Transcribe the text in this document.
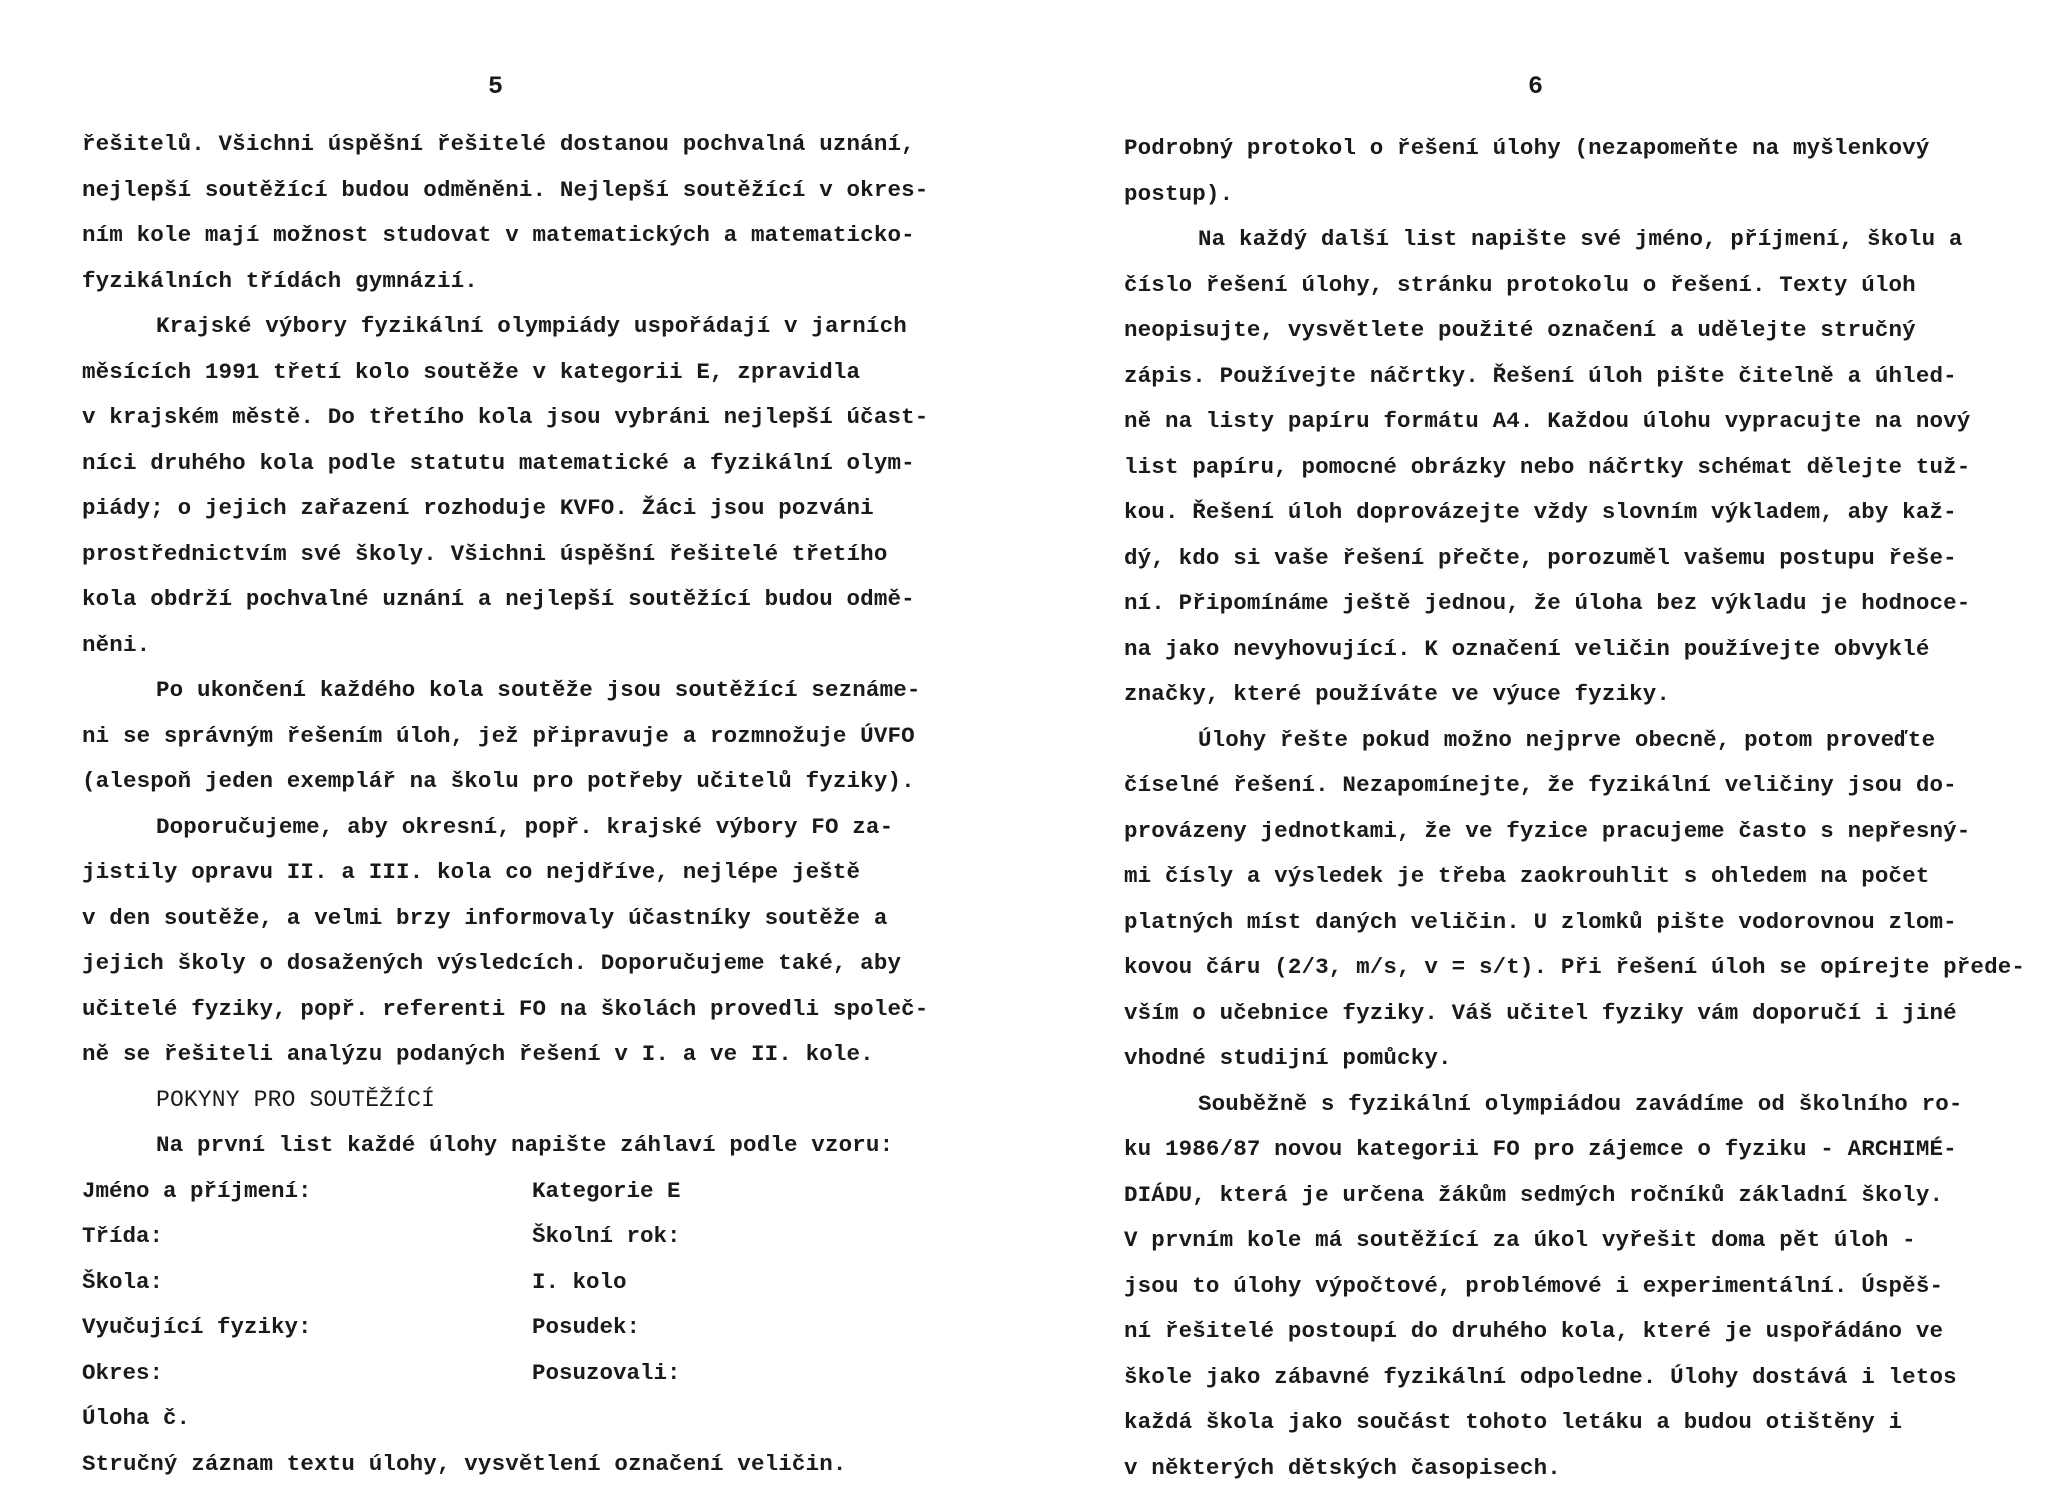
5
řešitelů. Všichni úspěšní řešitelé dostanou pochvalná uznání,
nejlepší soutěžící budou odměněni. Nejlepší soutěžící v okres-
ním kole mají možnost studovat v matematických a matematicko-
fyzikálních třídách gymnázií.
Krajské výbory fyzikální olympiády uspořádají v jarních
měsících 1991 třetí kolo soutěže v kategorii E, zpravidla
v krajském městě. Do třetího kola jsou vybráni nejlepší účast-
níci druhého kola podle statutu matematické a fyzikální olym-
piády; o jejich zařazení rozhoduje KVFO. Žáci jsou pozváni
prostřednictvím své školy. Všichni úspěšní řešitelé třetího
kola obdrží pochvalné uznání a nejlepší soutěžící budou odmě-
něni.
Po ukončení každého kola soutěže jsou soutěžící seznáme-
ni se správným řešením úloh, jež připravuje a rozmnožuje ÚVFO
(alespoň jeden exemplář na školu pro potřeby učitelů fyziky).
Doporučujeme, aby okresní, popř. krajské výbory FO za-
jistily opravu II. a III. kola co nejdříve, nejlépe ještě
v den soutěže, a velmi brzy informovaly účastníky soutěže a
jejich školy o dosažených výsledcích. Doporučujeme také, aby
učitelé fyziky, popř. referenti FO na školách provedli společ-
ně se řešiteli analýzu podaných řešení v I. a ve II. kole.
POKYNY PRO SOUTĚŽÍCÍ
Na první list každé úlohy napište záhlaví podle vzoru:
Jméno a příjmení:	Kategorie E
Třída:	Školní rok:
Škola:	I. kolo
Vyučující fyziky:	Posudek:
Okres:	Posuzovali:
Úloha č.
Stručný záznam textu úlohy, vysvětlení označení veličin.
6
Podrobný protokol o řešení úlohy (nezapomeňte na myšlenkový
postup).
Na každý další list napište své jméno, příjmení, školu a
číslo řešení úlohy, stránku protokolu o řešení. Texty úloh
neopisujte, vysvětlete použité označení a udělejte stručný
zápis. Používejte náčrtky. Řešení úloh pište čitelně a úhled-
ně na listy papíru formátu A4. Každou úlohu vypracujte na nový
list papíru, pomocné obrázky nebo náčrtky schémat dělejte tuž-
kou. Řešení úloh doprovázejte vždy slovním výkladem, aby kaž-
dý, kdo si vaše řešení přečte, porozuměl vašemu postupu řeše-
ní. Připomínáme ještě jednou, že úloha bez výkladu je hodnoce-
na jako nevyhovující. K označení veličin používejte obvyklé
značky, které používáte ve výuce fyziky.
Úlohy řešte pokud možno nejprve obecně, potom proveďte
číselné řešení. Nezapomínejte, že fyzikální veličiny jsou do-
provázeny jednotkami, že ve fyzice pracujeme často s nepřesný-
mi čísly a výsledek je třeba zaokrouhlit s ohledem na počet
platných míst daných veličin. U zlomků pište vodorovnou zlom-
kovou čáru (2/3, m/s, v = s/t). Při řešení úloh se opírejte přede-
vším o učebnice fyziky. Váš učitel fyziky vám doporučí i jiné
vhodné studijní pomůcky.
Souběžně s fyzikální olympiádou zavádíme od školního ro-
ku 1986/87 novou kategorii FO pro zájemce o fyziku - ARCHIMÉ-
DIÁDU, která je určena žákům sedmých ročníků základní školy.
V prvním kole má soutěžící za úkol vyřešit doma pět úloh -
jsou to úlohy výpočtové, problémové i experimentální. Úspěš-
ní řešitelé postoupí do druhého kola, které je uspořádáno ve
škole jako zábavné fyzikální odpoledne. Úlohy dostává i letos
každá škola jako součást tohoto letáku a budou otištěny i
v některých dětských časopisech.
